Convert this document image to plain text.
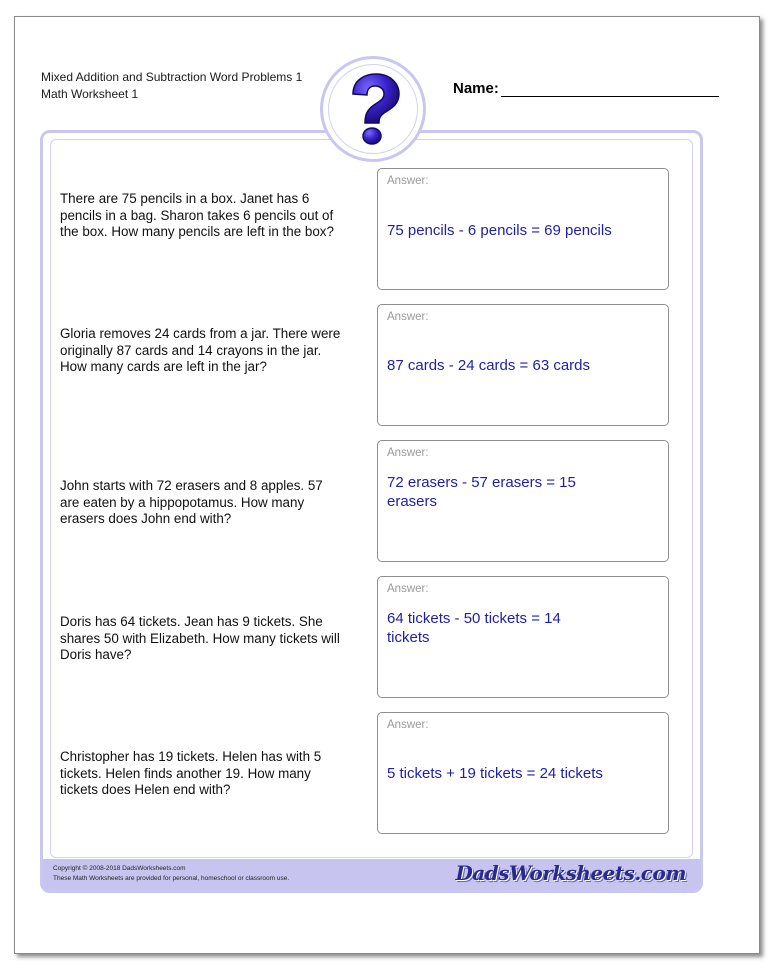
Mixed Addition and Subtraction Word Problems 1
Math Worksheet 1	Name:
Copyright © 2008-2018 DadsWorksheets.com
These Math Worksheets are provided for personal, homeschool or classroom use.	DadsWorksheets.com
There are 75 pencils in a box. Janet has 6 pencils in a bag. Sharon takes 6 pencils out of the box. How many pencils are left in the box?
Answer:
75 pencils - 6 pencils = 69 pencils
Gloria removes 24 cards from a jar. There were originally 87 cards and 14 crayons in the jar. How many cards are left in the jar?
Answer:
87 cards - 24 cards = 63 cards
John starts with 72 erasers and 8 apples. 57 are eaten by a hippopotamus. How many erasers does John end with?
Answer:
72 erasers - 57 erasers = 15 erasers
Doris has 64 tickets. Jean has 9 tickets. She shares 50 with Elizabeth. How many tickets will Doris have?
Answer:
64 tickets - 50 tickets = 14 tickets
Christopher has 19 tickets. Helen has with 5 tickets. Helen finds another 19. How many tickets does Helen end with?
Answer:
5 tickets + 19 tickets = 24 tickets
